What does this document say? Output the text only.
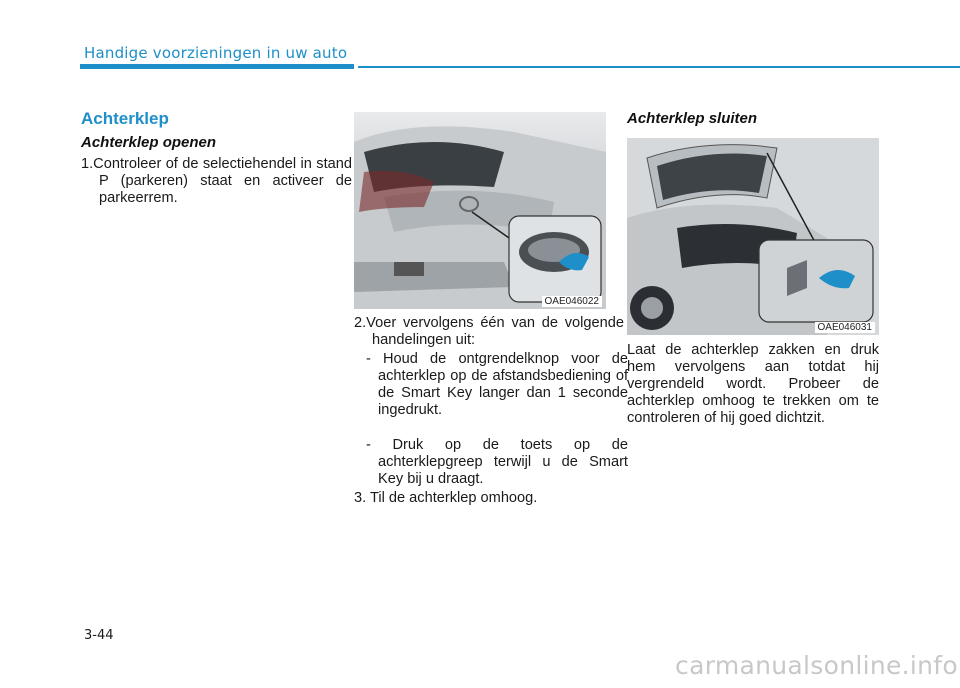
Handige voorzieningen in uw auto
Achterklep
Achterklep openen
1.Controleer of de selectiehendel in stand P (parkeren) staat en activeer de parkeerrem.
OAE046022
2.Voer vervolgens één van de volgende handelingen uit:
- Houd de ontgrendelknop voor de achterklep op de afstandsbediening of de Smart Key langer dan 1 seconde ingedrukt.
- Druk op de toets op de achterklepgreep terwijl u de Smart Key bij u draagt.
3. Til de achterklep omhoog.
Achterklep sluiten
OAE046031
Laat de achterklep zakken en druk hem vervolgens aan totdat hij vergrendeld wordt. Probeer de achterklep omhoog te trekken om te controleren of hij goed dichtzit.
3-44
carmanualsonline.info
